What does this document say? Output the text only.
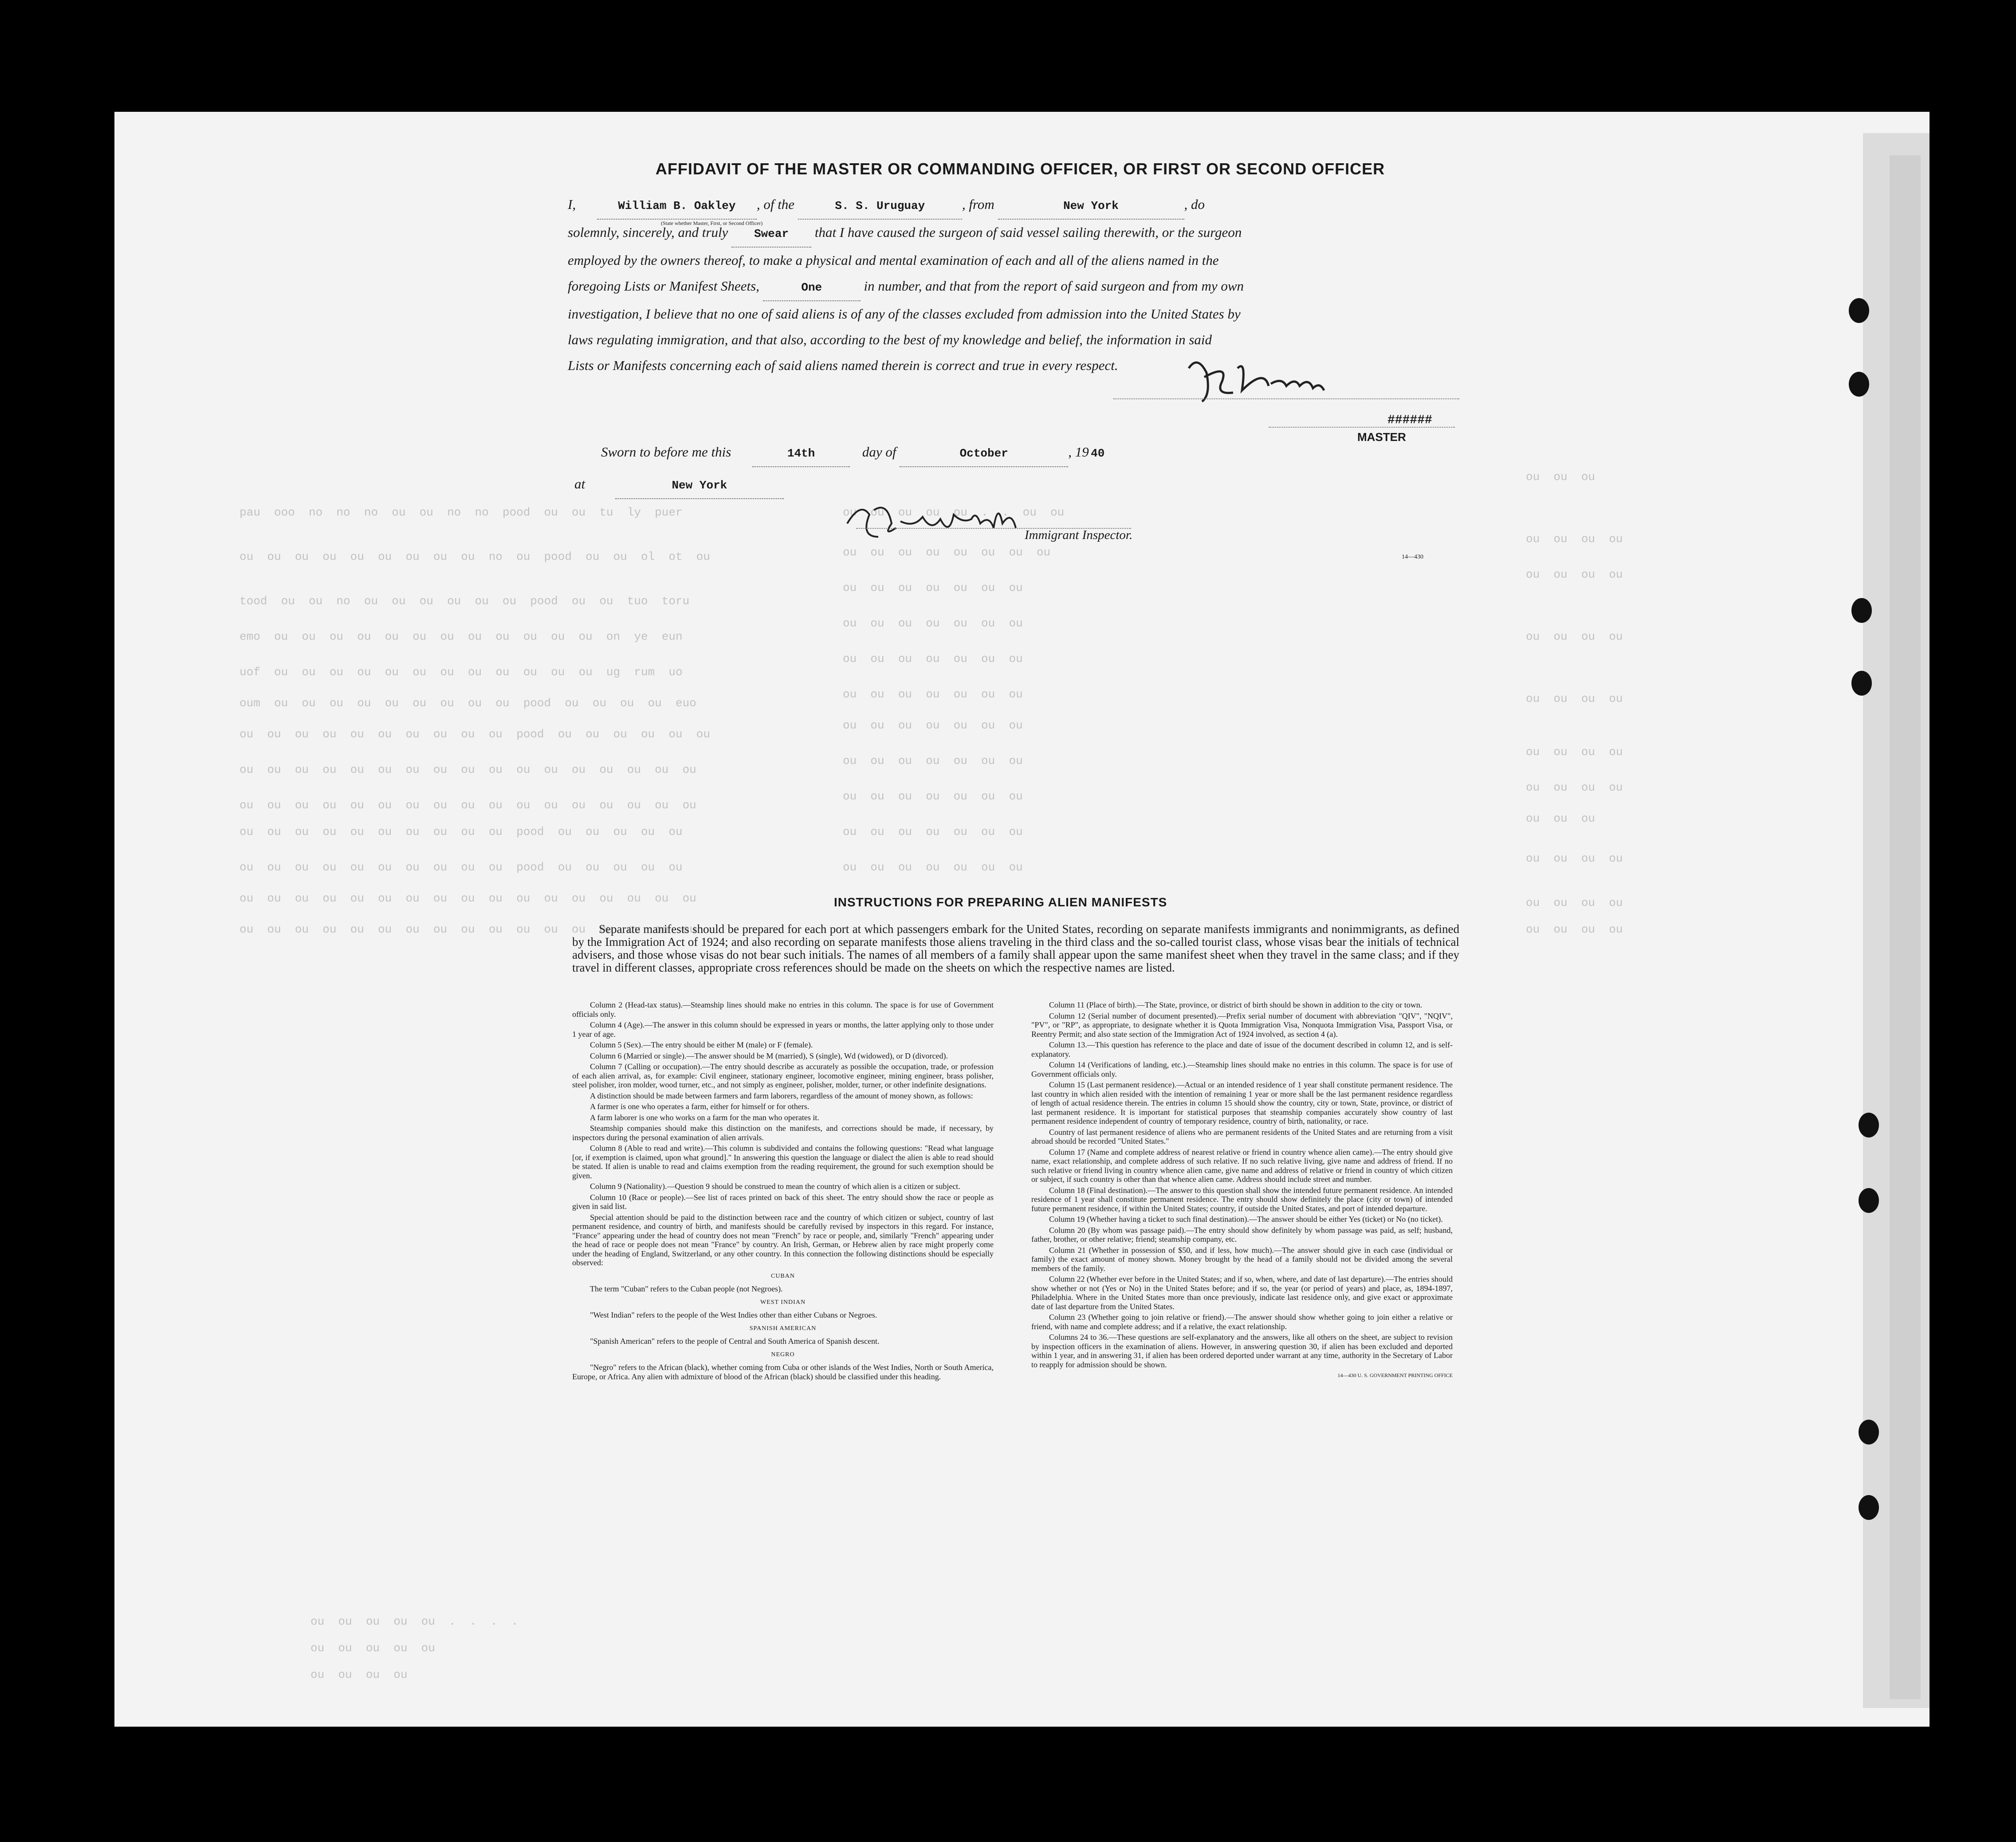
pau  ooo  no  no  no  ou  ou  no  no  pood  ou  ou  tu  ly  puer
ou  ou  ou  ou  ou  ou  ou  ou  ou  no  ou  pood  ou  ou  ol  ot  ou
tood  ou  ou  no  ou  ou  ou  ou  ou  ou  pood  ou  ou  tuo  toru
emo  ou  ou  ou  ou  ou  ou  ou  ou  ou  ou  ou  ou  on  ye  eun
uof  ou  ou  ou  ou  ou  ou  ou  ou  ou  ou  ou  ou  ug  rum  uo
oum  ou  ou  ou  ou  ou  ou  ou  ou  ou  pood  ou  ou  ou  ou  euo
ou  ou  ou  ou  ou  ou  ou  ou  ou  ou  pood  ou  ou  ou  ou  ou  ou
ou  ou  ou  ou  ou  ou  ou  ou  ou  ou  ou  ou  ou  ou  ou  ou  ou
ou  ou  ou  ou  ou  ou  ou  ou  ou  ou  ou  ou  ou  ou  ou  ou  ou
ou  ou  ou  ou  ou  ou  ou  ou  ou  ou  pood  ou  ou  ou  ou  ou
ou  ou  ou  ou  ou  ou  ou  ou  ou  ou  pood  ou  ou  ou  ou  ou
ou  ou  ou  ou  ou  ou  ou  ou  ou  ou  ou  ou  ou  ou  ou  ou  ou
ou  ou  ou  ou  ou  ou  ou  ou  ou  ou  ou  ou  ou  ou  ou  ou  ou
ou  ou  ou
ou  ou  ou  ou
ou  ou  ou  ou
ou  ou  ou  ou
ou  ou  ou  ou
ou  ou  ou  ou
ou  ou  ou  ou
ou  ou  ou
ou  ou  ou  ou
ou  ou  ou  ou
ou  ou  ou  ou
ou  ou  ou  ou  ou  .  .  ou  ou
ou  ou  ou  ou  ou  ou  ou  ou
ou  ou  ou  ou  ou  ou  ou
ou  ou  ou  ou  ou  ou  ou
ou  ou  ou  ou  ou  ou  ou
ou  ou  ou  ou  ou  ou  ou
ou  ou  ou  ou  ou  ou  ou
ou  ou  ou  ou  ou  ou  ou
ou  ou  ou  ou  ou  ou  ou
ou  ou  ou  ou  ou  ou  ou
ou  ou  ou  ou  ou  ou  ou
ou  ou  ou  ou  ou  .  .  .  .
ou  ou  ou  ou  ou
ou  ou  ou  ou
AFFIDAVIT OF THE MASTER OR COMMANDING OFFICER, OR FIRST OR SECOND OFFICER
I,	William B. Oakley , of the	S. S. Uruguay	, from	New York	, do
(State whether Master, First, or Second Officer)
solemnly, sincerely, and truly Swear that I have caused the surgeon of said vessel sailing therewith, or the surgeon
employed by the owners thereof, to make a physical and mental examination of each and all of the aliens named in the
foregoing Lists or Manifest Sheets,	One	in number, and that from the report of said surgeon and from my own
investigation, I believe that no one of said aliens is of any of the classes excluded from admission into the United States by
laws regulating immigration, and that also, according to the best of my knowledge and belief, the information in said
Lists or Manifests concerning each of said aliens named therein is correct and true in every respect.
######
MASTER
Sworn to before me this	14th	day of	October	, 19 40
at	New York
Immigrant Inspector.
14—430
INSTRUCTIONS FOR PREPARING ALIEN MANIFESTS
Separate manifests should be prepared for each port at which passengers embark for the United States, recording on separate manifests immigrants and nonimmigrants, as defined by the Immigration Act of 1924; and also recording on separate manifests those aliens traveling in the third class and the so-called tourist class, whose visas bear the initials of technical advisers, and those whose visas do not bear such initials. The names of all members of a family shall appear upon the same manifest sheet when they travel in the same class; and if they travel in different classes, appropriate cross references should be made on the sheets on which the respective names are listed.

Column 2 (Head-tax status).—Steamship lines should make no entries in this column. The space is for use of Government officials only.

Column 4 (Age).—The answer in this column should be expressed in years or months, the latter applying only to those under 1 year of age.

Column 5 (Sex).—The entry should be either M (male) or F (female).

Column 6 (Married or single).—The answer should be M (married), S (single), Wd (widowed), or D (divorced).

Column 7 (Calling or occupation).—The entry should describe as accurately as possible the occupation, trade, or profession of each alien arrival, as, for example: Civil engineer, stationary engineer, locomotive engineer, mining engineer, brass polisher, steel polisher, iron molder, wood turner, etc., and not simply as engineer, polisher, molder, turner, or other indefinite designations.

A distinction should be made between farmers and farm laborers, regardless of the amount of money shown, as follows:

A farmer is one who operates a farm, either for himself or for others.

A farm laborer is one who works on a farm for the man who operates it.

Steamship companies should make this distinction on the manifests, and corrections should be made, if necessary, by inspectors during the personal examination of alien arrivals.

Column 8 (Able to read and write).—This column is subdivided and contains the following questions: "Read what language [or, if exemption is claimed, upon what ground]." In answering this question the language or dialect the alien is able to read should be stated. If alien is unable to read and claims exemption from the reading requirement, the ground for such exemption should be given.

Column 9 (Nationality).—Question 9 should be construed to mean the country of which alien is a citizen or subject.

Column 10 (Race or people).—See list of races printed on back of this sheet. The entry should show the race or people as given in said list.

Special attention should be paid to the distinction between race and the country of which citizen or subject, country of last permanent residence, and country of birth, and manifests should be carefully revised by inspectors in this regard. For instance, "France" appearing under the head of country does not mean "French" by race or people, and, similarly "French" appearing under the head of race or people does not mean "France" by country. An Irish, German, or Hebrew alien by race might properly come under the heading of England, Switzerland, or any other country. In this connection the following distinctions should be especially observed:

CUBAN

The term "Cuban" refers to the Cuban people (not Negroes).

WEST INDIAN

"West Indian" refers to the people of the West Indies other than either Cubans or Negroes.

SPANISH AMERICAN

"Spanish American" refers to the people of Central and South America of Spanish descent.

NEGRO

"Negro" refers to the African (black), whether coming from Cuba or other islands of the West Indies, North or South America, Europe, or Africa. Any alien with admixture of blood of the African (black) should be classified under this heading.

Column 11 (Place of birth).—The State, province, or district of birth should be shown in addition to the city or town.

Column 12 (Serial number of document presented).—Prefix serial number of document with abbreviation "QIV", "NQIV", "PV", or "RP", as appropriate, to designate whether it is Quota Immigration Visa, Nonquota Immigration Visa, Passport Visa, or Reentry Permit; and also state section of the Immigration Act of 1924 involved, as section 4 (a).

Column 13.—This question has reference to the place and date of issue of the document described in column 12, and is self-explanatory.

Column 14 (Verifications of landing, etc.).—Steamship lines should make no entries in this column. The space is for use of Government officials only.

Column 15 (Last permanent residence).—Actual or an intended residence of 1 year shall constitute permanent residence. The last country in which alien resided with the intention of remaining 1 year or more shall be the last permanent residence regardless of length of actual residence therein. The entries in column 15 should show the country, city or town, State, province, or district of last permanent residence. It is important for statistical purposes that steamship companies accurately show country of last permanent residence independent of country of temporary residence, country of birth, nationality, or race.

Country of last permanent residence of aliens who are permanent residents of the United States and are returning from a visit abroad should be recorded "United States."

Column 17 (Name and complete address of nearest relative or friend in country whence alien came).—The entry should give name, exact relationship, and complete address of such relative. If no such relative living, give name and address of friend. If no such relative or friend living in country whence alien came, give name and address of relative or friend in country of which citizen or subject, if such country is other than that whence alien came. Address should include street and number.

Column 18 (Final destination).—The answer to this question shall show the intended future permanent residence. An intended residence of 1 year shall constitute permanent residence. The entry should show definitely the place (city or town) of intended future permanent residence, if within the United States; country, if outside the United States, and port of intended departure.

Column 19 (Whether having a ticket to such final destination).—The answer should be either Yes (ticket) or No (no ticket).

Column 20 (By whom was passage paid).—The entry should show definitely by whom passage was paid, as self; husband, father, brother, or other relative; friend; steamship company, etc.

Column 21 (Whether in possession of $50, and if less, how much).—The answer should give in each case (individual or family) the exact amount of money shown. Money brought by the head of a family should not be divided among the several members of the family.

Column 22 (Whether ever before in the United States; and if so, when, where, and date of last departure).—The entries should show whether or not (Yes or No) in the United States before; and if so, the year (or period of years) and place, as, 1894-1897, Philadelphia. Where in the United States more than once previously, indicate last residence only, and give exact or approximate date of last departure from the United States.

Column 23 (Whether going to join relative or friend).—The answer should show whether going to join either a relative or friend, with name and complete address; and if a relative, the exact relationship.

Columns 24 to 36.—These questions are self-explanatory and the answers, like all others on the sheet, are subject to revision by inspection officers in the examination of aliens. However, in answering question 30, if alien has been excluded and deported within 1 year, and in answering 31, if alien has been ordered deported under warrant at any time, authority in the Secretary of Labor to reapply for admission should be shown.

14—430 U. S. GOVERNMENT PRINTING OFFICE
